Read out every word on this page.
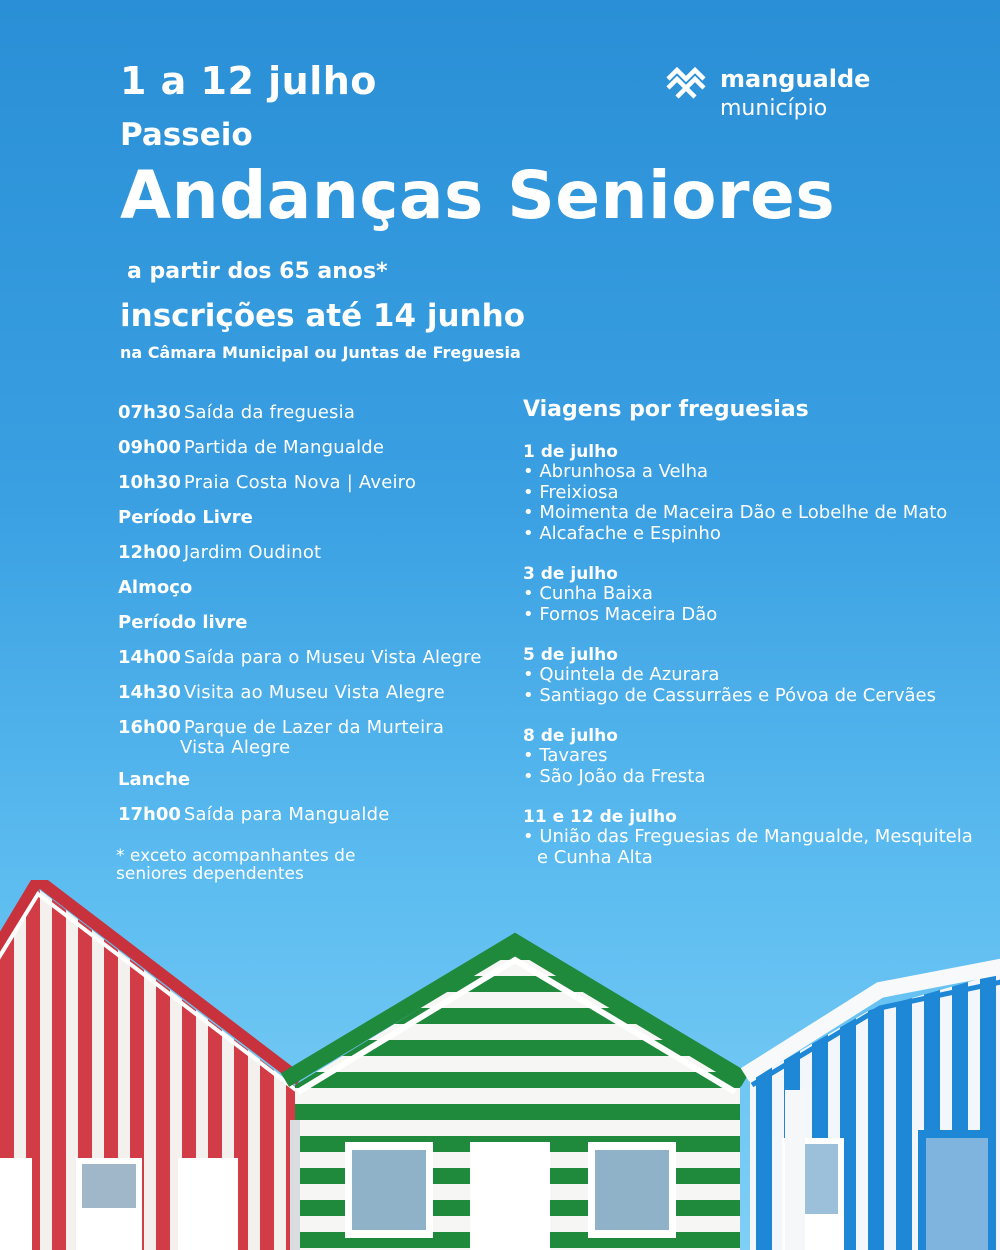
1 a 12 julho
Passeio
Andanças Seniores
a partir dos 65 anos*
inscrições até 14 junho
na Câmara Municipal ou Juntas de Freguesia
mangualde
município
07h30 Saída da freguesia
09h00 Partida de Mangualde
10h30 Praia Costa Nova | Aveiro
Período Livre
12h00 Jardim Oudinot
Almoço
Período livre
14h00 Saída para o Museu Vista Alegre
14h30 Visita ao Museu Vista Alegre
16h00 Parque de Lazer da Murteira
Vista Alegre
Lanche
17h00 Saída para Mangualde
* exceto acompanhantes de
seniores dependentes
Viagens por freguesias
1 de julho
• Abrunhosa a Velha
• Freixiosa
• Moimenta de Maceira Dão e Lobelhe de Mato
• Alcafache e Espinho
3 de julho
• Cunha Baixa
• Fornos Maceira Dão
5 de julho
• Quintela de Azurara
• Santiago de Cassurrães e Póvoa de Cervães
8 de julho
• Tavares
• São João da Fresta
11 e 12 de julho
• União das Freguesias de Mangualde, Mesquitela e Cunha Alta
